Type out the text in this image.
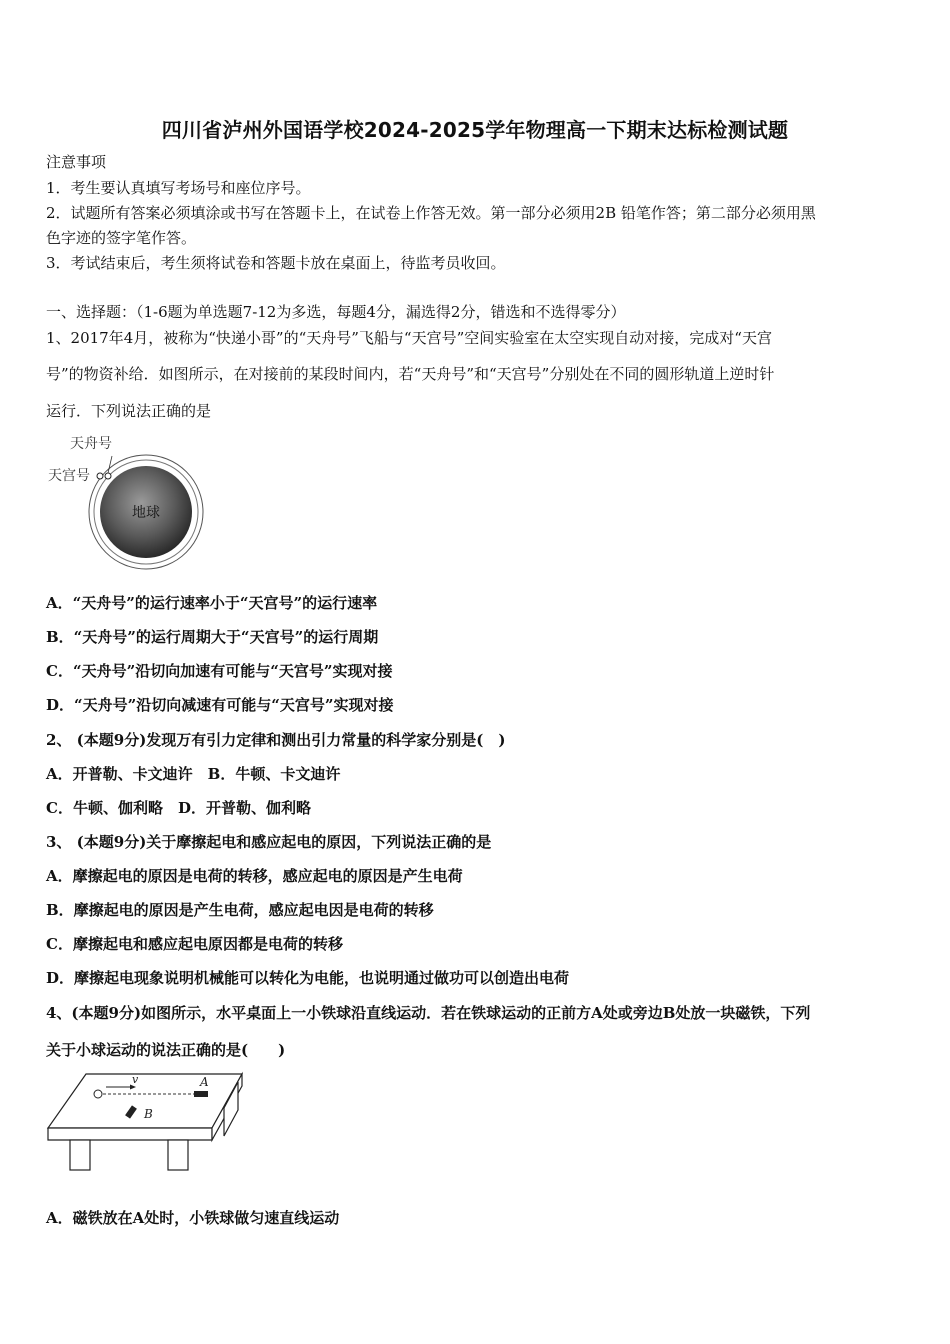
四川省泸州外国语学校2024-2025学年物理高一下期末达标检测试题
注意事项
1．考生要认真填写考场号和座位序号。
2．试题所有答案必须填涂或书写在答题卡上，在试卷上作答无效。第一部分必须用2B 铅笔作答；第二部分必须用黑
色字迹的签字笔作答。
3．考试结束后，考生须将试卷和答题卡放在桌面上，待监考员收回。
一、选择题：（1-6题为单选题7-12为多选，每题4分，漏选得2分，错选和不选得零分）
1、2017年4月，被称为“快递小哥”的“天舟号”飞船与“天宫号”空间实验室在太空实现自动对接，完成对“天宫
号”的物资补给．如图所示，在对接前的某段时间内，若“天舟号”和“天宫号”分别处在不同的圆形轨道上逆时针
运行．下列说法正确的是
地球
天舟号
天宫号
A．“天舟号”的运行速率小于“天宫号”的运行速率
B．“天舟号”的运行周期大于“天宫号”的运行周期
C．“天舟号”沿切向加速有可能与“天宫号”实现对接
D．“天舟号”沿切向减速有可能与“天宫号”实现对接
2、 (本题9分)发现万有引力定律和测出引力常量的科学家分别是(　)
A．开普勒、卡文迪许　B．牛顿、卡文迪许
C．牛顿、伽利略　D．开普勒、伽利略
3、 (本题9分)关于摩擦起电和感应起电的原因，下列说法正确的是
A．摩擦起电的原因是电荷的转移，感应起电的原因是产生电荷
B．摩擦起电的原因是产生电荷，感应起电因是电荷的转移
C．摩擦起电和感应起电原因都是电荷的转移
D．摩擦起电现象说明机械能可以转化为电能，也说明通过做功可以创造出电荷
4、(本题9分)如图所示，水平桌面上一小铁球沿直线运动．若在铁球运动的正前方A处或旁边B处放一块磁铁，下列
关于小球运动的说法正确的是(　　)
v	A
B
A．磁铁放在A处时，小铁球做匀速直线运动
